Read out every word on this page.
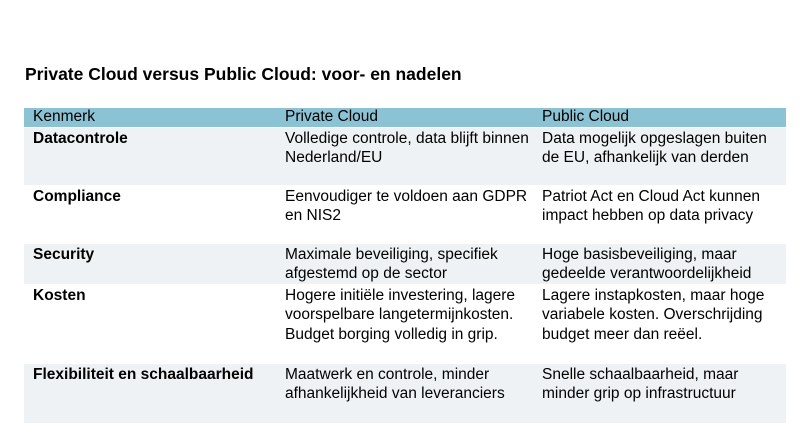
Private Cloud versus Public Cloud: voor- en nadelen
Kenmerk	Private Cloud	Public Cloud
Datacontrole	Volledige controle, data blijft binnen Nederland/EU	Data mogelijk opgeslagen buiten de EU, afhankelijk van derden
Compliance	Eenvoudiger te voldoen aan GDPR en NIS2	Patriot Act en Cloud Act kunnen impact hebben op data privacy
Security	Maximale beveiliging, specifiek afgestemd op de sector	Hoge basisbeveiliging, maar gedeelde verantwoordelijkheid
Kosten	Hogere initiële investering, lagere voorspelbare langetermijnkosten. Budget borging volledig in grip.	Lagere instapkosten, maar hoge variabele kosten. Overschrijding budget meer dan reëel.
Flexibiliteit en schaalbaarheid	Maatwerk en controle, minder afhankelijkheid van leveranciers	Snelle schaalbaarheid, maar minder grip op infrastructuur
